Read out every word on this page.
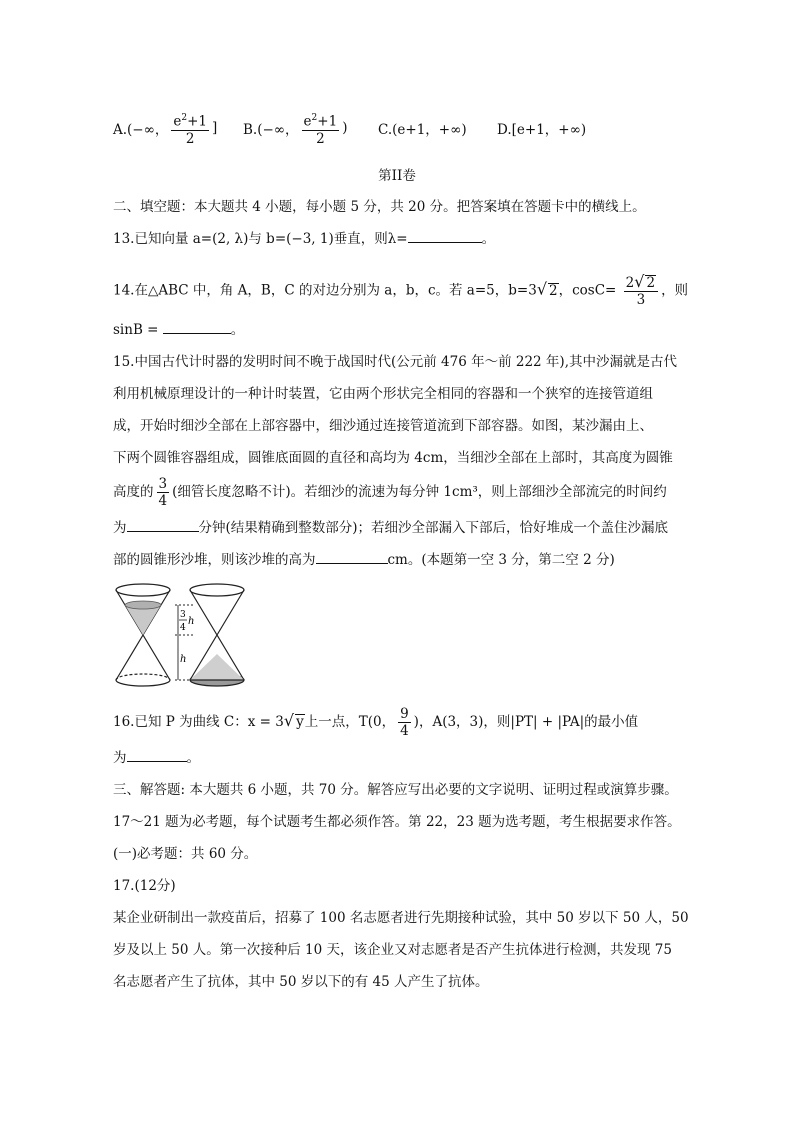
A.(−∞， $\frac{e^2+1}{2}$ ] B.(−∞， $\frac{e^2+1}{2}$ ) C.(e+1，+∞) D.[e+1，+∞)
第II卷
二、填空题：本大题共 4 小题，每小题 5 分，共 20 分。把答案填在答题卡中的横线上。
13.已知向量 a=(2, λ)与 b=(−3, 1)垂直，则λ=	。
14.在△ABC 中，角 A，B，C 的对边分别为 a，b，c。若 a=5，b=3√ 2，$\cos C= \frac{2√ 2}{3}$ ，则
sinB =	。
15.中国古代计时器的发明时间不晚于战国时代(公元前 476 年～前 222 年),其中沙漏就是古代
利用机械原理设计的一种计时装置，它由两个形状完全相同的容器和一个狭窄的连接管道组
成，开始时细沙全部在上部容器中，细沙通过连接管道流到下部容器。如图，某沙漏由上、
下两个圆锥容器组成，圆锥底面圆的直径和高均为 4cm，当细沙全部在上部时，其高度为圆锥
高度的 $\frac{3}{4}$ (细管长度忽略不计)。若细沙的流速为每分钟 1cm³，则上部细沙全部流完的时间约
为	分钟(结果精确到整数部分)；若细沙全部漏入下部后，恰好堆成一个盖住沙漏底
部的圆锥形沙堆，则该沙堆的高为	cm。(本题第一空 3 分，第二空 2 分)
3
4
h
h
16.已知 P 为曲线 C：x = 3√ y上一点，T(0， $\frac{9}{4}$ )，A(3，3)，则|PT| + |PA|的最小值
为	。
三、解答题: 本大题共 6 小题，共 70 分。解答应写出必要的文字说明、证明过程或演算步骤。
17～21 题为必考题，每个试题考生都必须作答。第 22，23 题为选考题，考生根据要求作答。
(一)必考题：共 60 分。
17.(12分)
某企业研制出一款疫苗后，招募了 100 名志愿者进行先期接种试验，其中 50 岁以下 50 人，50
岁及以上 50 人。第一次接种后 10 天，该企业又对志愿者是否产生抗体进行检测，共发现 75
名志愿者产生了抗体，其中 50 岁以下的有 45 人产生了抗体。
